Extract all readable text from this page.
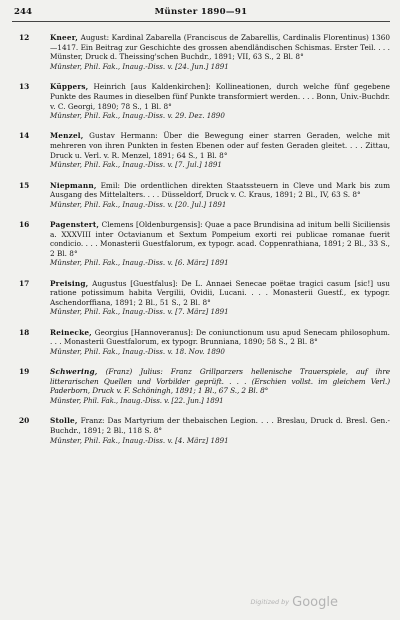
244	Münster 1890—91
12	Kneer, August: Kardinal Zabarella (Franciscus de Zabarellis, Cardinalis Florentinus) 1360—1417. Ein Beitrag zur Geschichte des grossen abendländischen Schismas. Erster Teil. . . . Münster, Druck d. Theissing'schen Buchdr., 1891; VII, 63 S., 2 Bl. 8°

Münster, Phil. Fak., Inaug.-Diss. v. [24. Jun.] 1891

13	Küppers, Heinrich [aus Kaldenkirchen]: Kollineationen, durch welche fünf gegebene Punkte des Raumes in dieselben fünf Punkte transformiert werden. . . . Bonn, Univ.-Buchdr. v. C. Georgi, 1890; 78 S., 1 Bl. 8°

Münster, Phil. Fak., Inaug.-Diss. v. 29. Dez. 1890

14	Menzel, Gustav Hermann: Über die Bewegung einer starren Geraden, welche mit mehreren von ihren Punkten in festen Ebenen oder auf festen Geraden gleitet. . . . Zittau, Druck u. Verl. v. R. Menzel, 1891; 64 S., 1 Bl. 8°

Münster, Phil. Fak., Inaug.-Diss. v. [7. Jul.] 1891

15	Niepmann, Emil: Die ordentlichen direkten Staatssteuern in Cleve und Mark bis zum Ausgang des Mittelalters. . . . Düsseldorf, Druck v. C. Kraus, 1891; 2 Bl., IV, 63 S. 8°

Münster, Phil. Fak., Inaug.-Diss. v. [20. Jul.] 1891

16	Pagenstert, Clemens [Oldenburgensis]: Quae a pace Brundisina ad initum belli Siciliensis a. XXXVIII inter Octavianum et Sextum Pompeium exorti rei publicae romanae fuerit condicio. . . . Monasterii Guestfalorum, ex typogr. acad. Coppenrathiana, 1891; 2 Bl., 33 S., 2 Bl. 8°

Münster, Phil. Fak., Inaug.-Diss. v. [6. März] 1891

17	Preising, Augustus [Guestfalus]: De L. Annaei Senecae poëtae tragici casum [sic!] usu ratione potissimum habita Vergilii, Ovidii, Lucani. . . . Monasterii Guestf., ex typogr. Aschendorffiana, 1891; 2 Bl., 51 S., 2 Bl. 8°

Münster, Phil. Fak., Inaug.-Diss. v. [7. März] 1891

18	Reinecke, Georgius [Hannoveranus]: De coniunctionum usu apud Senecam philosophum. . . . Monasterii Guestfalorum, ex typogr. Brunniana, 1890; 58 S., 2 Bl. 8°

Münster, Phil. Fak., Inaug.-Diss. v. 18. Nov. 1890

19	Schwering, (Franz) Julius: Franz Grillparzers hellenische Trauerspiele, auf ihre litterarischen Quellen und Vorbilder geprüft. . . . (Erschien vollst. im gleichem Verl.) Paderborn, Druck v. F. Schöningh, 1891; 1 Bl., 67 S., 2 Bl. 8°

Münster, Phil. Fak., Inaug.-Diss. v. [22. Jun.] 1891

20	Stolle, Franz: Das Martyrium der thebaischen Legion. . . . Breslau, Druck d. Bresl. Gen.-Buchdr., 1891; 2 Bl., 118 S. 8°

Münster, Phil. Fak., Inaug.-Diss. v. [4. März] 1891

Digitized by Google
